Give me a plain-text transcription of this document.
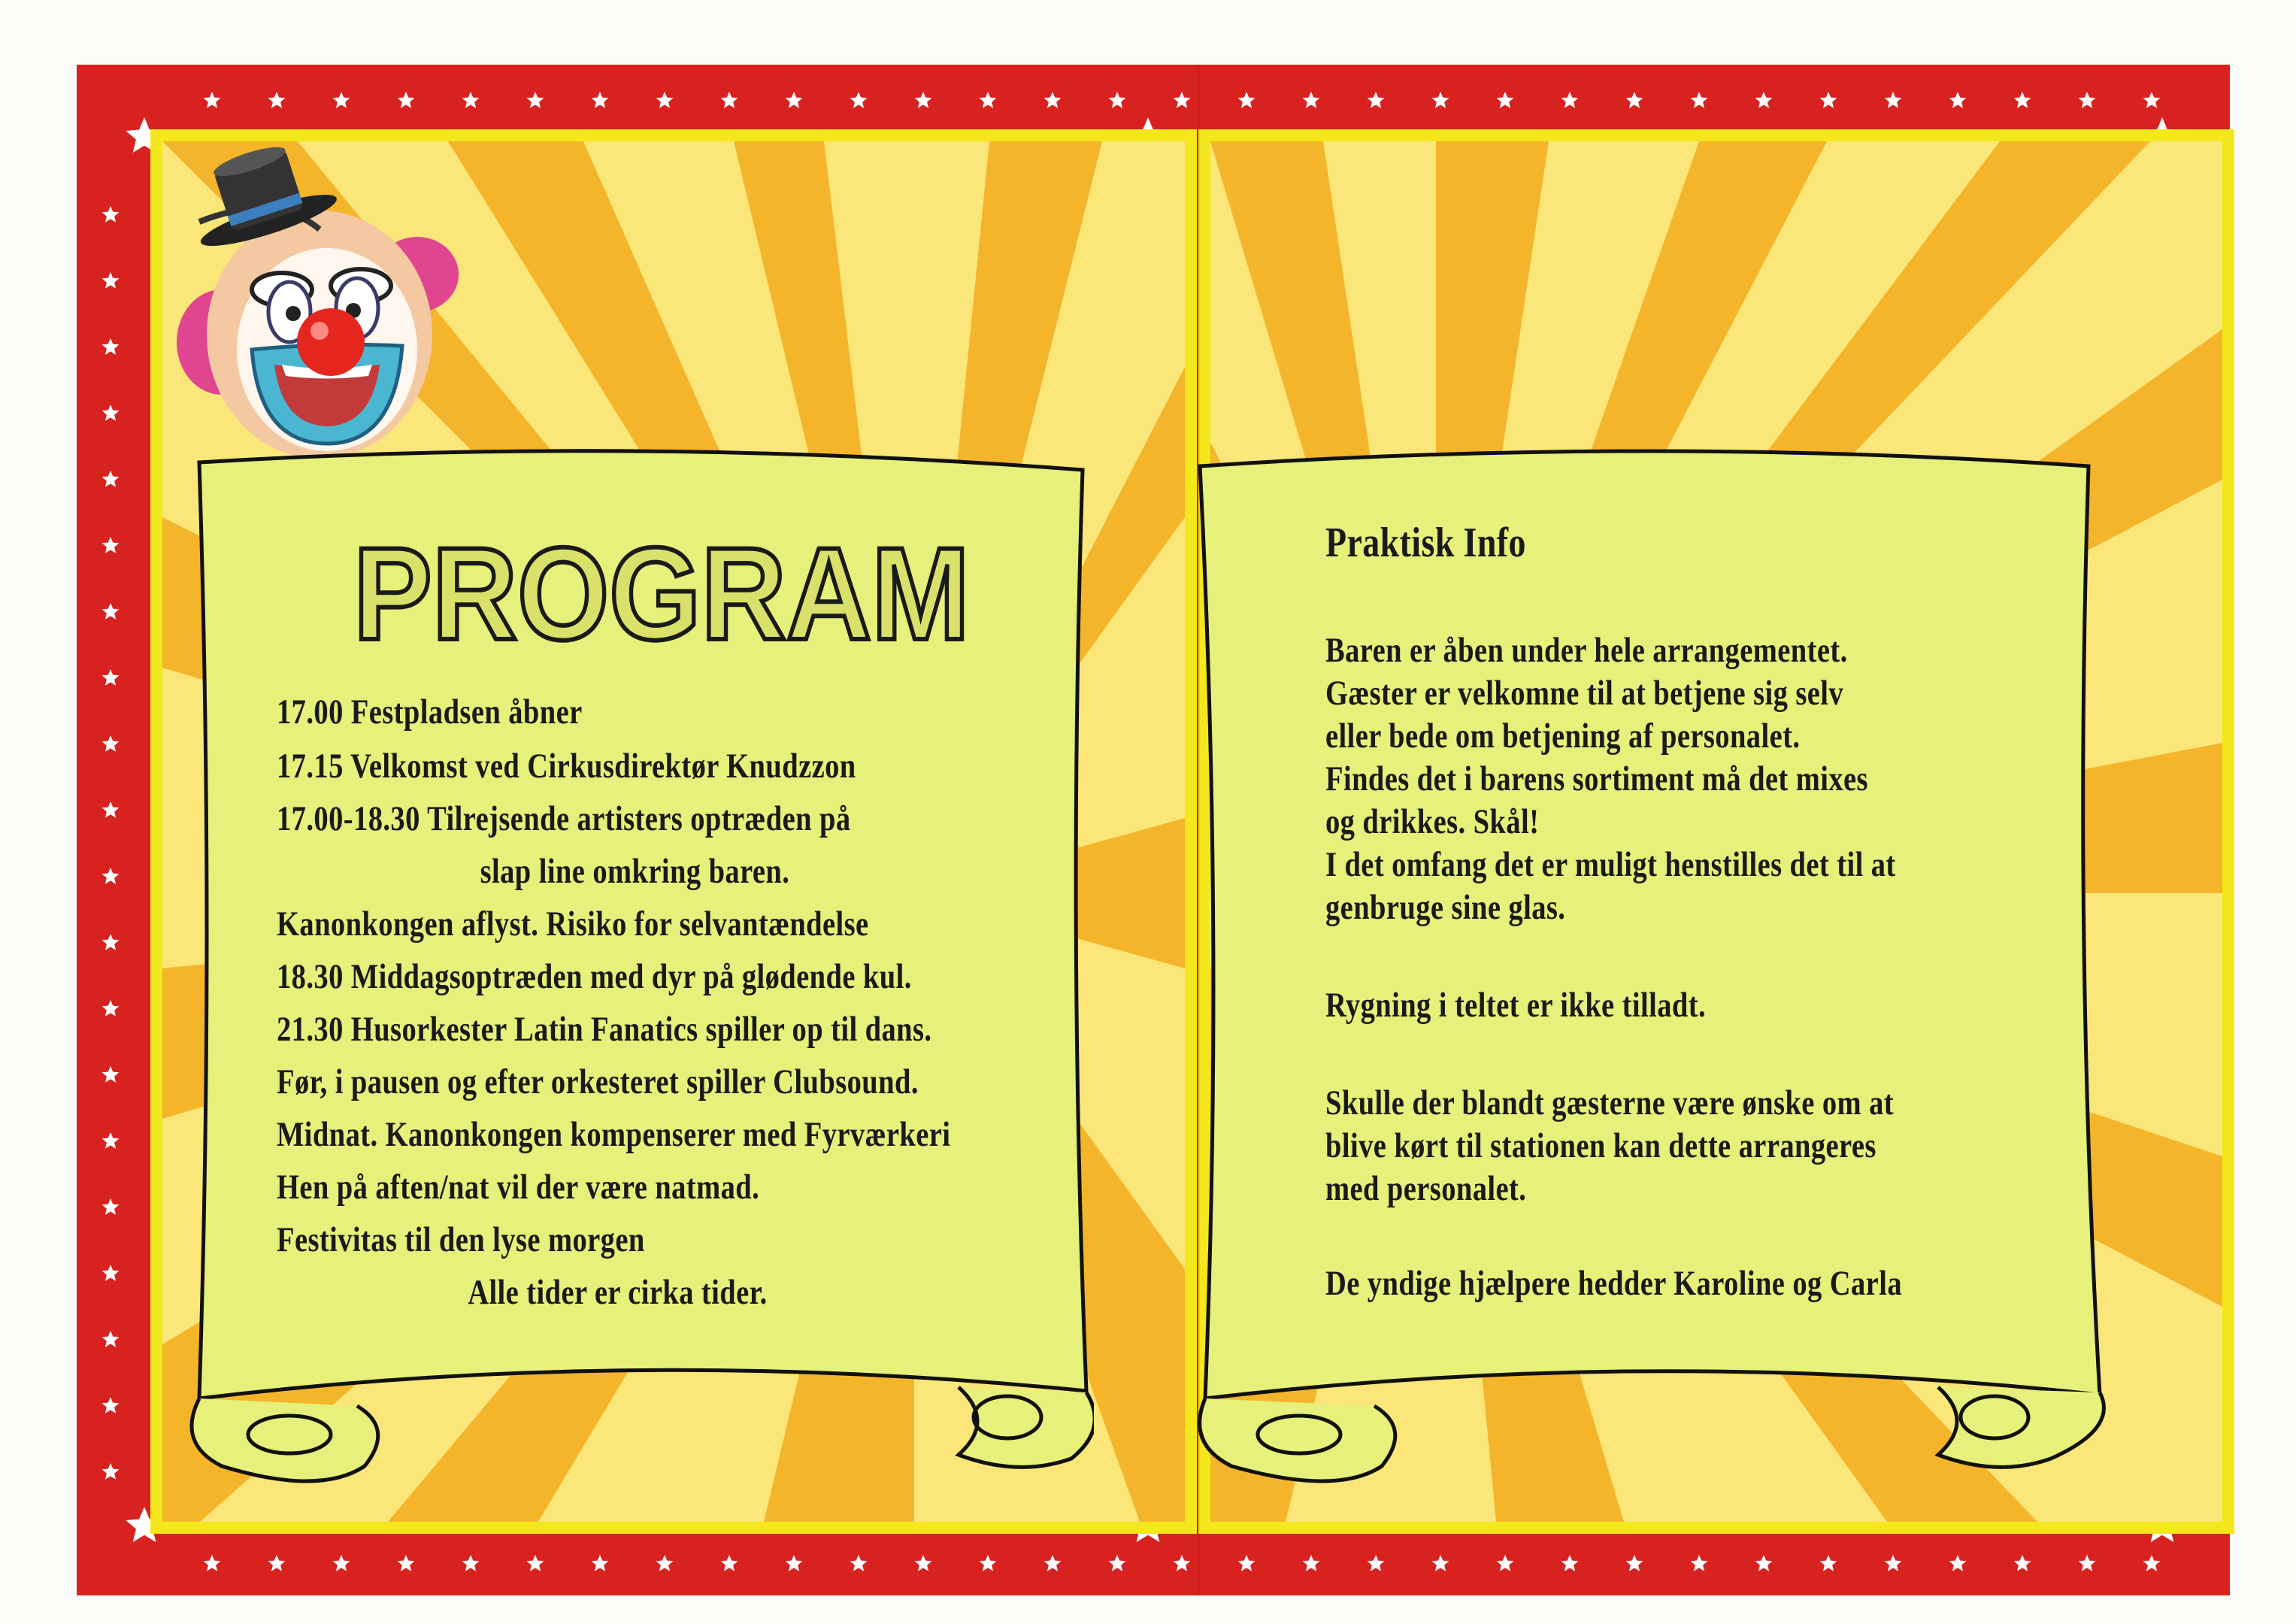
PROGRAM
17.00 Festpladsen åbner
17.15 Velkomst ved Cirkusdirektør Knudzzon
17.00-18.30 Tilrejsende artisters optræden på
slap line omkring baren.
Kanonkongen aflyst. Risiko for selvantændelse
18.30 Middagsoptræden med dyr på glødende kul.
21.30 Husorkester Latin Fanatics spiller op til dans.
Før, i pausen og efter orkesteret spiller Clubsound.
Midnat. Kanonkongen kompenserer med Fyrværkeri
Hen på aften/nat vil der være natmad.
Festivitas til den lyse morgen
Alle tider er cirka tider.
Praktisk Info
Baren er åben under hele arrangementet.
Gæster er velkomne til at betjene sig selv
eller bede om betjening af personalet.
Findes det i barens sortiment må det mixes
og drikkes. Skål!
I det omfang det er muligt henstilles det til at
genbruge sine glas.
Rygning i teltet er ikke tilladt.
Skulle der blandt gæsterne være ønske om at
blive kørt til stationen kan dette arrangeres
med personalet.
De yndige hjælpere hedder Karoline og Carla
